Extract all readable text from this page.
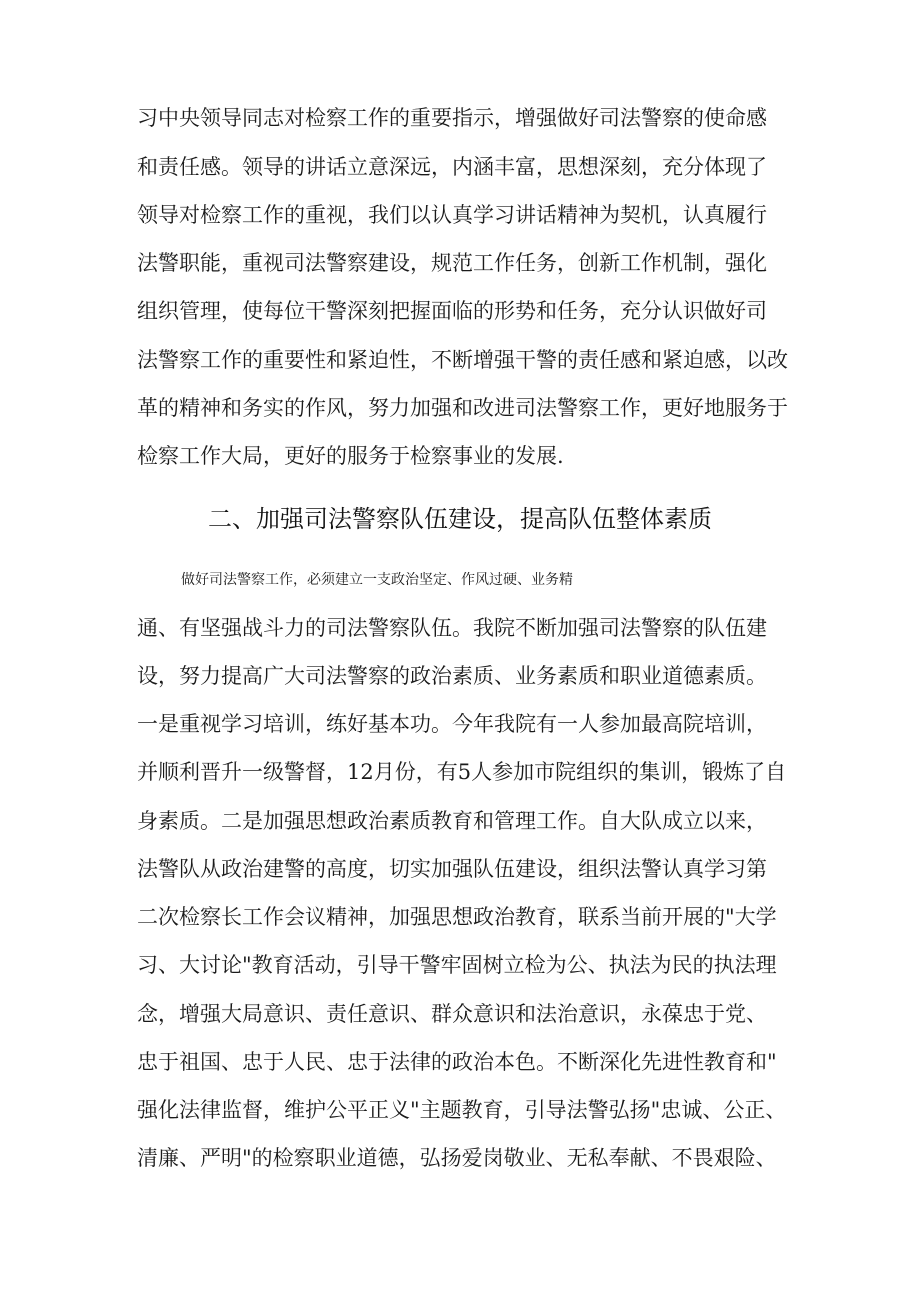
习中央领导同志对检察工作的重要指示，增强做好司法警察的使命感
和责任感。领导的讲话立意深远，内涵丰富，思想深刻，充分体现了
领导对检察工作的重视，我们以认真学习讲话精神为契机，认真履行
法警职能，重视司法警察建设，规范工作任务，创新工作机制，强化
组织管理，使每位干警深刻把握面临的形势和任务，充分认识做好司
法警察工作的重要性和紧迫性，不断增强干警的责任感和紧迫感，以改
革的精神和务实的作风，努力加强和改进司法警察工作，更好地服务于
检察工作大局，更好的服务于检察事业的发展.
二、加强司法警察队伍建设，提高队伍整体素质
做好司法警察工作，必须建立一支政治坚定、作风过硬、业务精
通、有坚强战斗力的司法警察队伍。我院不断加强司法警察的队伍建
设，努力提高广大司法警察的政治素质、业务素质和职业道德素质。
一是重视学习培训，练好基本功。今年我院有一人参加最高院培训，
并顺利晋升一级警督，12月份，有5人参加市院组织的集训，锻炼了自
身素质。二是加强思想政治素质教育和管理工作。自大队成立以来，
法警队从政治建警的高度，切实加强队伍建设，组织法警认真学习第
二次检察长工作会议精神，加强思想政治教育，联系当前开展的"大学
习、大讨论"教育活动，引导干警牢固树立检为公、执法为民的执法理
念，增强大局意识、责任意识、群众意识和法治意识，永葆忠于党、
忠于祖国、忠于人民、忠于法律的政治本色。不断深化先进性教育和"
强化法律监督，维护公平正义"主题教育，引导法警弘扬"忠诚、公正、
清廉、严明"的检察职业道德，弘扬爱岗敬业、无私奉献、不畏艰险、
